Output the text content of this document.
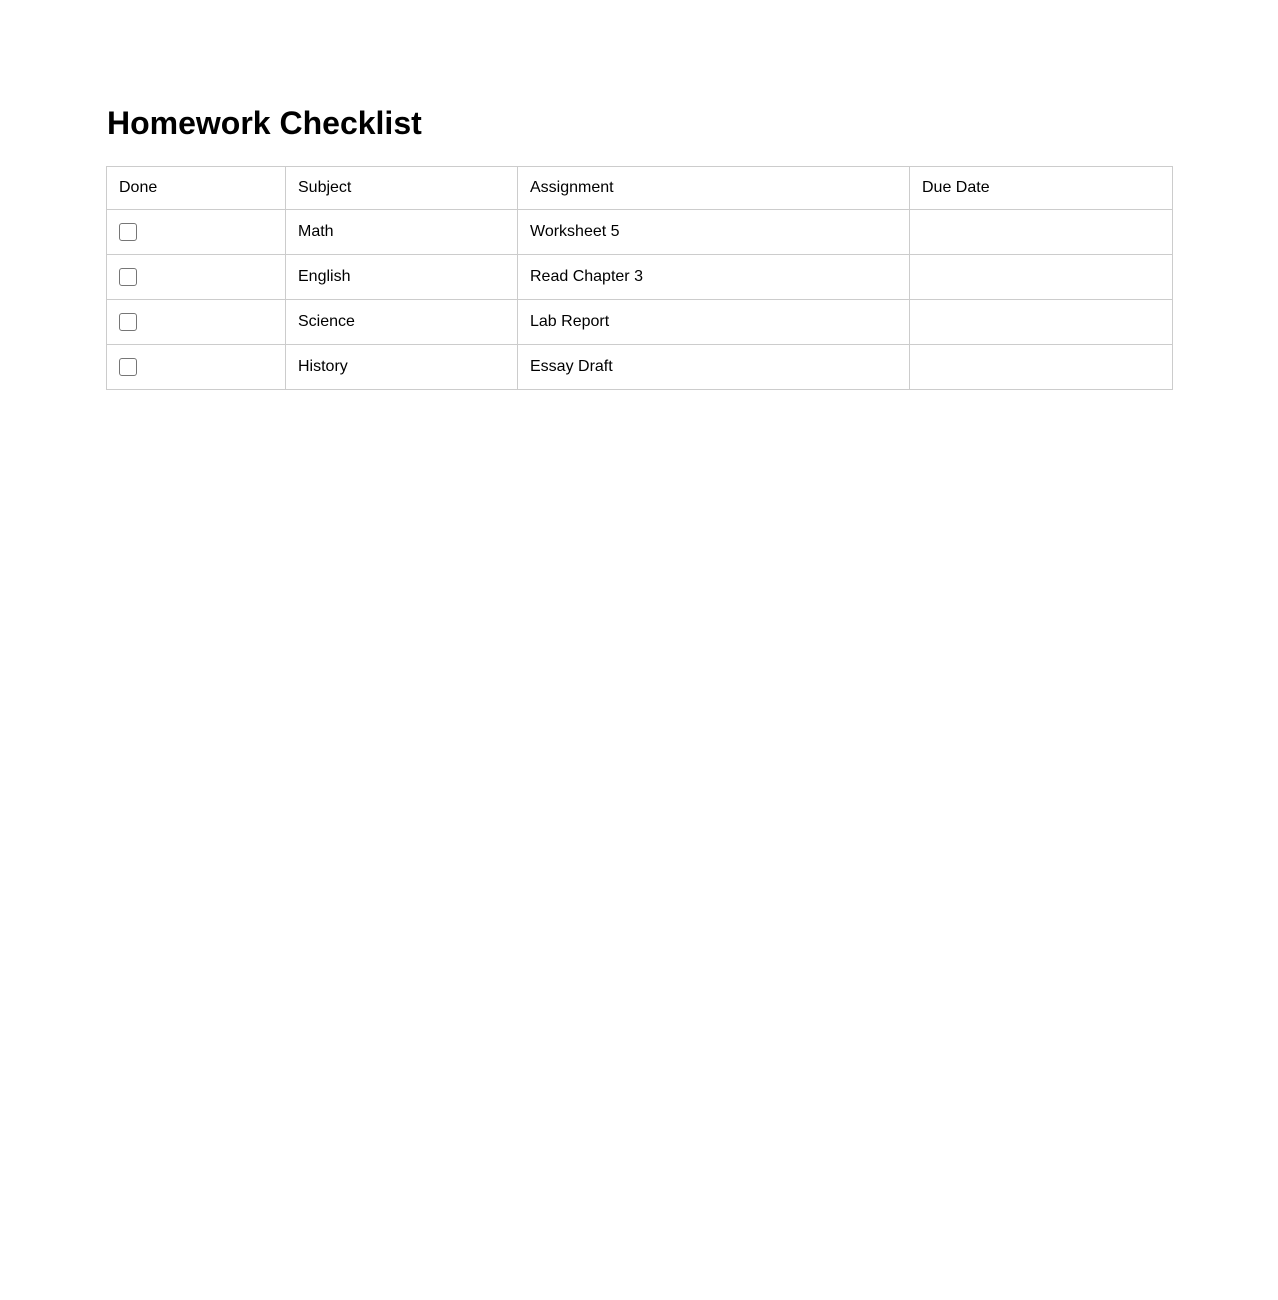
Homework Checklist
Done	Subject	Assignment	Due Date

	Math	Worksheet 5	

	English	Read Chapter 3	

	Science	Lab Report	

	History	Essay Draft	
